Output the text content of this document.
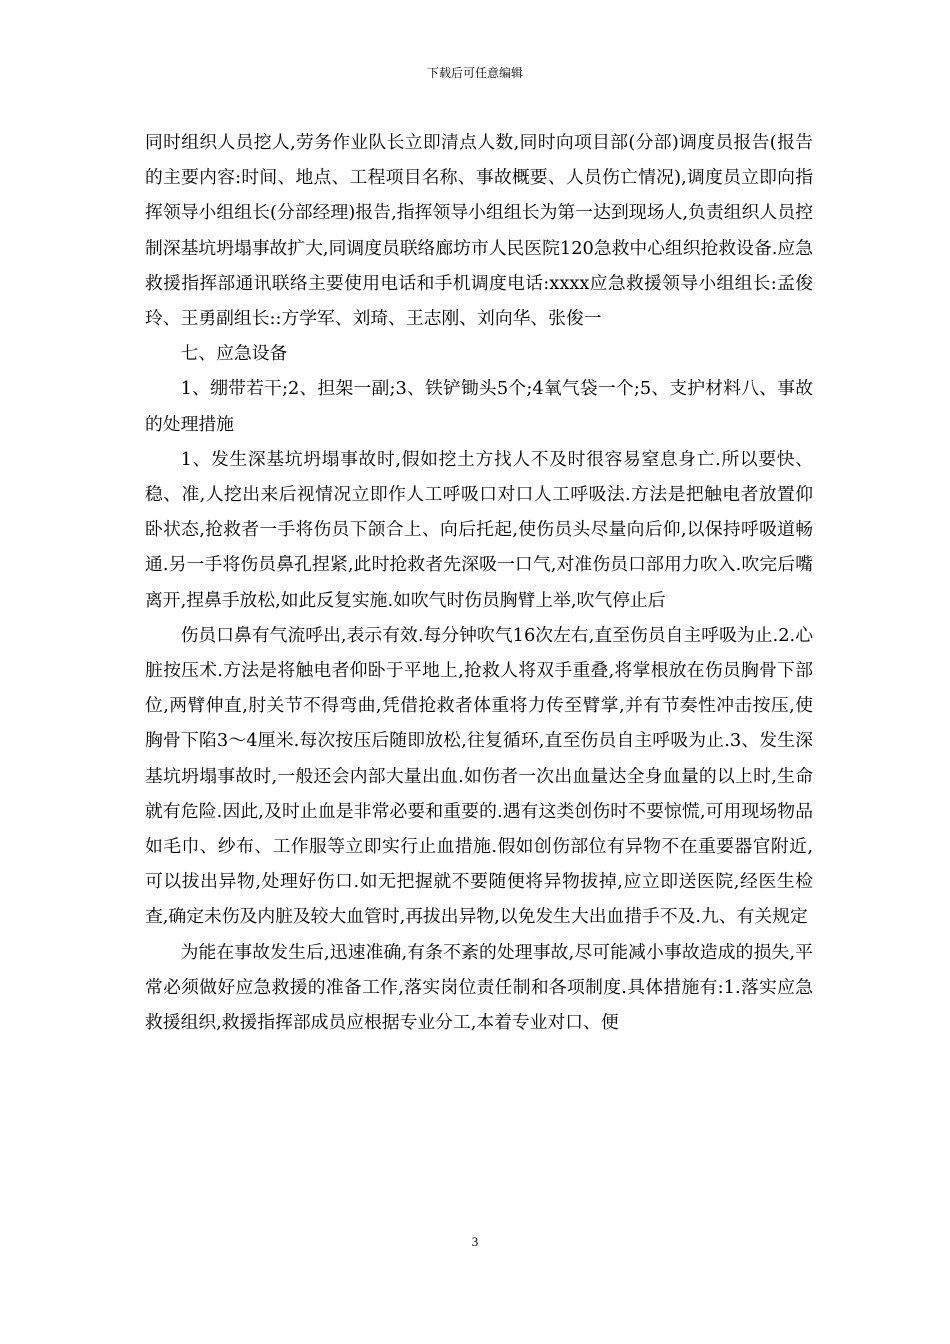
下载后可任意编辑

同时组织人员挖人,劳务作业队长立即清点人数,同时向项目部(分部)调度员报告(报告的主要内容:时间、地点、工程项目名称、事故概要、人员伤亡情况),调度员立即向指挥领导小组组长(分部经理)报告,指挥领导小组组长为第一达到现场人,负责组织人员控制深基坑坍塌事故扩大,同调度员联络廊坊市人民医院120急救中心组织抢救设备.应急救援指挥部通讯联络主要使用电话和手机调度电话:xxxx应急救援领导小组组长:孟俊玲、王勇副组长::方学军、刘琦、王志刚、刘向华、张俊一

七、应急设备

1、绷带若干;2、担架一副;3、铁铲锄头5个;4氧气袋一个;5、支护材料八、事故的处理措施

1、发生深基坑坍塌事故时,假如挖土方找人不及时很容易窒息身亡.所以要快、稳、准,人挖出来后视情况立即作人工呼吸口对口人工呼吸法.方法是把触电者放置仰卧状态,抢救者一手将伤员下颌合上、向后托起,使伤员头尽量向后仰,以保持呼吸道畅通.另一手将伤员鼻孔捏紧,此时抢救者先深吸一口气,对准伤员口部用力吹入.吹完后嘴离开,捏鼻手放松,如此反复实施.如吹气时伤员胸臂上举,吹气停止后

伤员口鼻有气流呼出,表示有效.每分钟吹气16次左右,直至伤员自主呼吸为止.2.心脏按压术.方法是将触电者仰卧于平地上,抢救人将双手重叠,将掌根放在伤员胸骨下部位,两臂伸直,肘关节不得弯曲,凭借抢救者体重将力传至臂掌,并有节奏性冲击按压,使胸骨下陷3～4厘米.每次按压后随即放松,往复循环,直至伤员自主呼吸为止.3、发生深基坑坍塌事故时,一般还会内部大量出血.如伤者一次出血量达全身血量的以上时,生命就有危险.因此,及时止血是非常必要和重要的.遇有这类创伤时不要惊慌,可用现场物品如毛巾、纱布、工作服等立即实行止血措施.假如创伤部位有异物不在重要器官附近,可以拔出异物,处理好伤口.如无把握就不要随便将异物拔掉,应立即送医院,经医生检查,确定未伤及内脏及较大血管时,再拔出异物,以免发生大出血措手不及.九、有关规定

为能在事故发生后,迅速准确,有条不紊的处理事故,尽可能减小事故造成的损失,平常必须做好应急救援的准备工作,落实岗位责任制和各项制度.具体措施有:1.落实应急救援组织,救援指挥部成员应根据专业分工,本着专业对口、便

3
